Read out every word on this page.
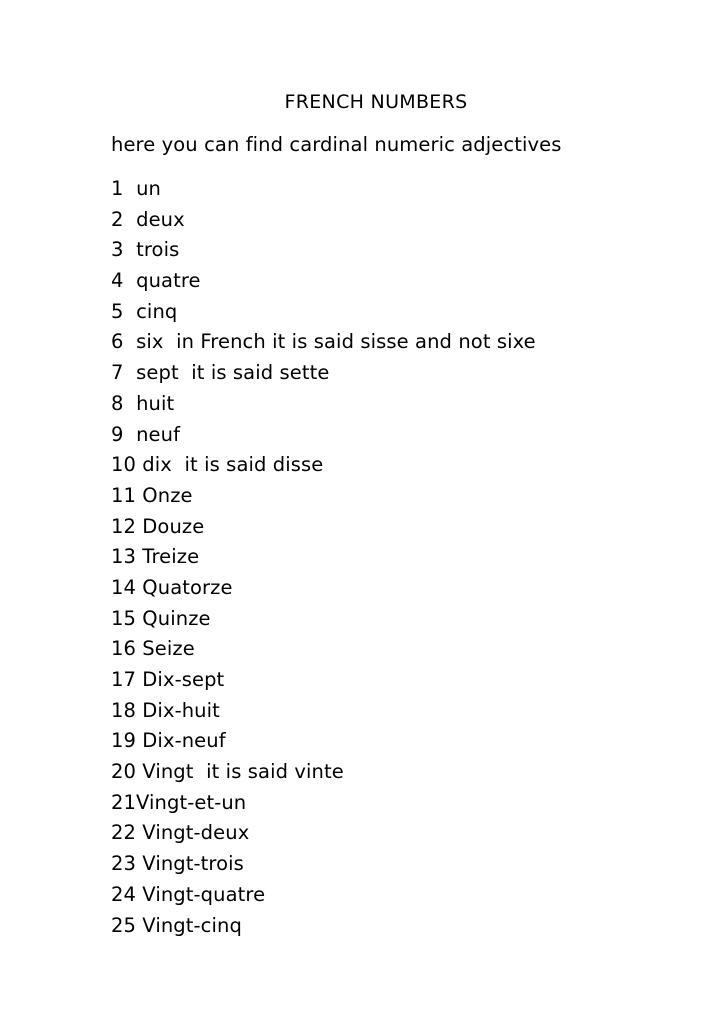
FRENCH NUMBERS
here you can find cardinal numeric adjectives
1  un
2  deux
3  trois
4  quatre
5  cinq
6  six  in French it is said sisse and not sixe
7  sept  it is said sette
8  huit
9  neuf
10 dix  it is said disse
11 Onze
12 Douze
13 Treize
14 Quatorze
15 Quinze
16 Seize
17 Dix-sept
18 Dix-huit
19 Dix-neuf
20 Vingt  it is said vinte
21Vingt-et-un
22 Vingt-deux
23 Vingt-trois
24 Vingt-quatre
25 Vingt-cinq
